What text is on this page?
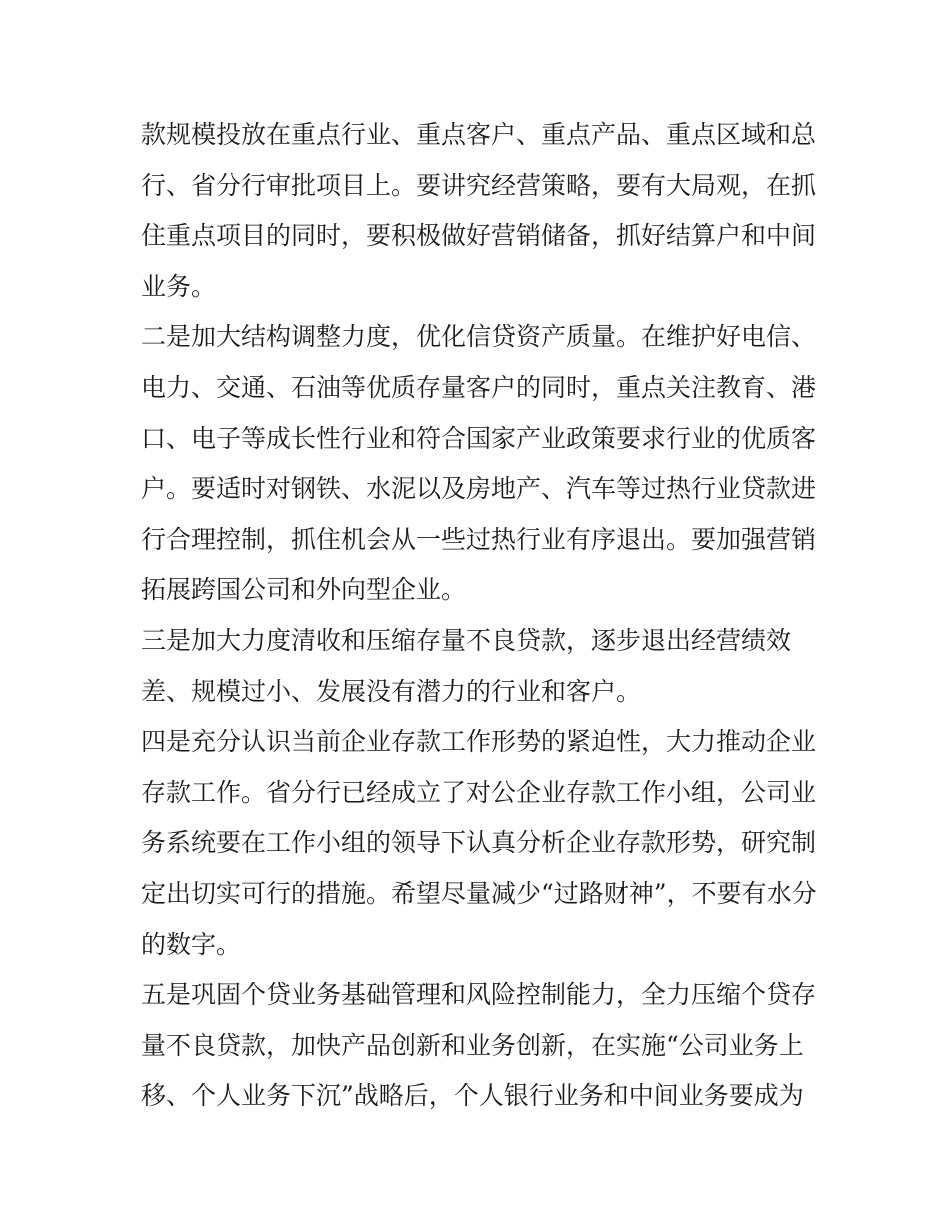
款规模投放在重点行业、重点客户、重点产品、重点区域和总
行、省分行审批项目上。要讲究经营策略，要有大局观，在抓
住重点项目的同时，要积极做好营销储备，抓好结算户和中间
业务。
二是加大结构调整力度，优化信贷资产质量。在维护好电信、
电力、交通、石油等优质存量客户的同时，重点关注教育、港
口、电子等成长性行业和符合国家产业政策要求行业的优质客
户。要适时对钢铁、水泥以及房地产、汽车等过热行业贷款进
行合理控制，抓住机会从一些过热行业有序退出。要加强营销
拓展跨国公司和外向型企业。
三是加大力度清收和压缩存量不良贷款，逐步退出经营绩效
差、规模过小、发展没有潜力的行业和客户。
四是充分认识当前企业存款工作形势的紧迫性，大力推动企业
存款工作。省分行已经成立了对公企业存款工作小组，公司业
务系统要在工作小组的领导下认真分析企业存款形势，研究制
定出切实可行的措施。希望尽量减少“过路财神”，不要有水分
的数字。
五是巩固个贷业务基础管理和风险控制能力，全力压缩个贷存
量不良贷款，加快产品创新和业务创新，在实施“公司业务上
移、个人业务下沉”战略后，个人银行业务和中间业务要成为
